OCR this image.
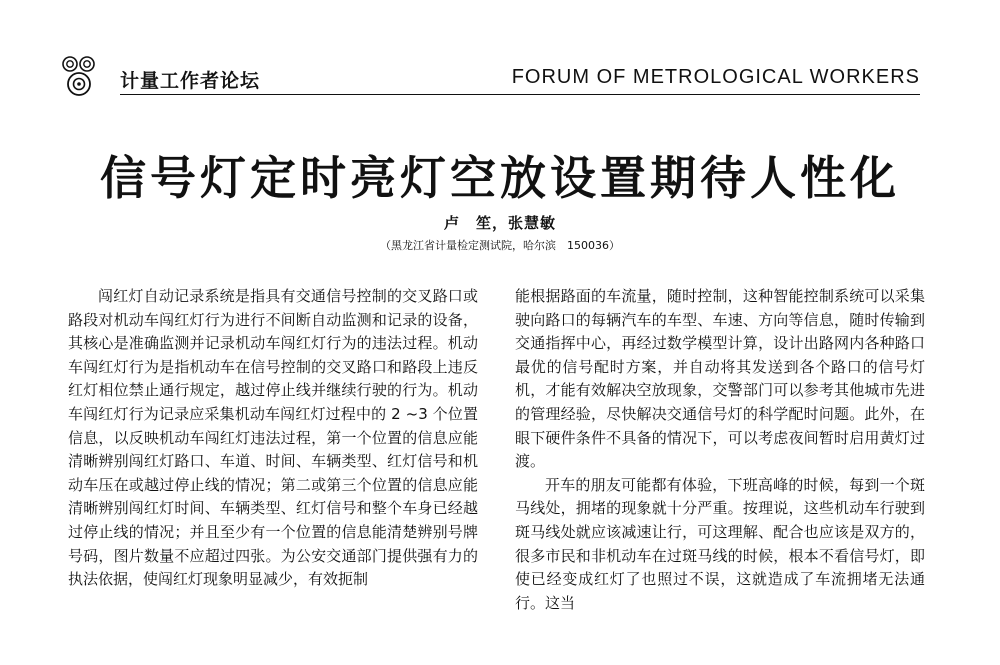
计量工作者论坛	FORUM OF METROLOGICAL WORKERS
信号灯定时亮灯空放设置期待人性化
卢　笙，张慧敏
（黑龙江省计量检定测试院，哈尔滨　150036）

闯红灯自动记录系统是指具有交通信号控制的交叉路口或路段对机动车闯红灯行为进行不间断自动监测和记录的设备，其核心是准确监测并记录机动车闯红灯行为的违法过程。机动车闯红灯行为是指机动车在信号控制的交叉路口和路段上违反红灯相位禁止通行规定，越过停止线并继续行驶的行为。机动车闯红灯行为记录应采集机动车闯红灯过程中的 2 ~3 个位置信息，以反映机动车闯红灯违法过程，第一个位置的信息应能清晰辨别闯红灯路口、车道、时间、车辆类型、红灯信号和机动车压在或越过停止线的情况；第二或第三个位置的信息应能清晰辨别闯红灯时间、车辆类型、红灯信号和整个车身已经越过停止线的情况；并且至少有一个位置的信息能清楚辨别号牌号码，图片数量不应超过四张。为公安交通部门提供强有力的执法依据，使闯红灯现象明显减少，有效扼制

能根据路面的车流量，随时控制，这种智能控制系统可以采集驶向路口的每辆汽车的车型、车速、方向等信息，随时传输到交通指挥中心，再经过数学模型计算，设计出路网内各种路口最优的信号配时方案，并自动将其发送到各个路口的信号灯机，才能有效解决空放现象，交警部门可以参考其他城市先进的管理经验，尽快解决交通信号灯的科学配时问题。此外，在眼下硬件条件不具备的情况下，可以考虑夜间暂时启用黄灯过渡。

开车的朋友可能都有体验，下班高峰的时候，每到一个斑马线处，拥堵的现象就十分严重。按理说，这些机动车行驶到斑马线处就应该减速让行，可这理解、配合也应该是双方的，很多市民和非机动车在过斑马线的时候，根本不看信号灯，即使已经变成红灯了也照过不误，这就造成了车流拥堵无法通行。这当
